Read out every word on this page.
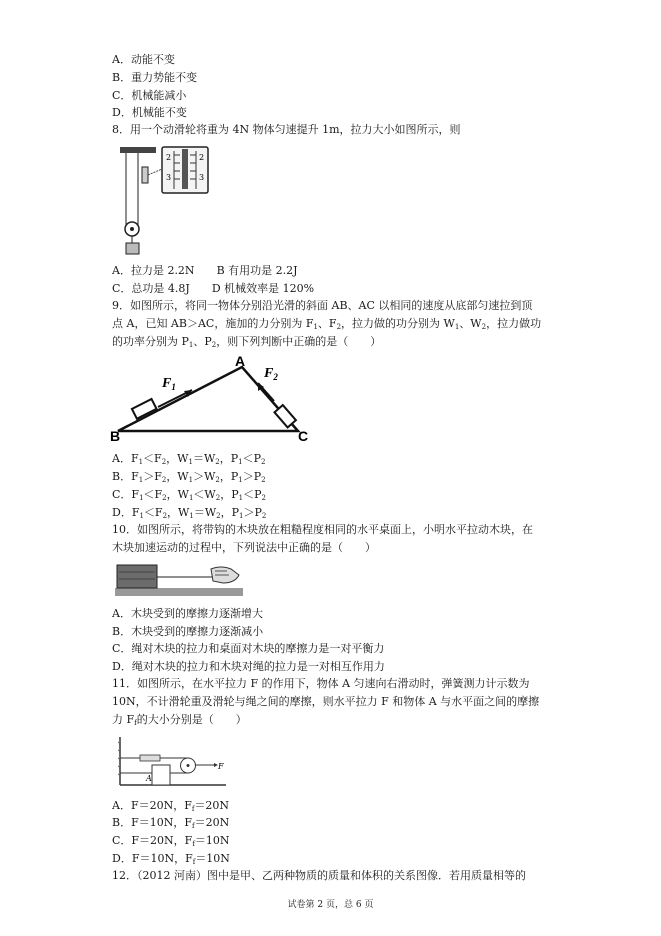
A．动能不变
B．重力势能不变
C．机械能减小
D．机械能不变
8．用一个动滑轮将重为 4N 物体匀速提升 1m，拉力大小如图所示，则
2
3
2
3
A．拉力是 2.2N B 有用功是 2.2J
C．总功是 4.8J D 机械效率是 120%
9．如图所示，将同一物体分别沿光滑的斜面 AB、AC 以相同的速度从底部匀速拉到顶
点 A，已知 AB＞AC，施加的力分别为 $F_1$、$F_2$，拉力做的功分别为 $W_1$、$W_2$，拉力做功
的功率分别为 $P_1$、$P_2$，则下列判断中正确的是（　　）
A
B	C
$F_1$
$F_2$
A．$F_1<F_2$，$W_1=W_2$，$P_1<P_2$
B．$F_1>F_2$，$W_1>W_2$，$P_1>P_2$
C．$F_1<F_2$，$W_1<W_2$，$P_1<P_2$
D．$F_1<F_2$，$W_1=W_2$，$P_1>P_2$
10．如图所示，将带钩的木块放在粗糙程度相同的水平桌面上，小明水平拉动木块，在
木块加速运动的过程中，下列说法中正确的是（　　）
A．木块受到的摩擦力逐渐增大
B．木块受到的摩擦力逐渐减小
C．绳对木块的拉力和桌面对木块的摩擦力是一对平衡力
D．绳对木块的拉力和木块对绳的拉力是一对相互作用力
11．如图所示，在水平拉力 F 的作用下，物体 A 匀速向右滑动时，弹簧测力计示数为
10N，不计滑轮重及滑轮与绳之间的摩擦，则水平拉力 F 和物体 A 与水平面之间的摩擦
力 $F_f$的大小分别是（　　）
A
F
A．F＝20N，$F_f=20N$
B．F＝10N，$F_f=20N$
C．F＝20N，$F_f=10N$
D．F＝10N，$F_f=10N$
12．（2012 河南）图中是甲、乙两种物质的质量和体积的关系图像．若用质量相等的
试卷第 2 页，总 6 页
